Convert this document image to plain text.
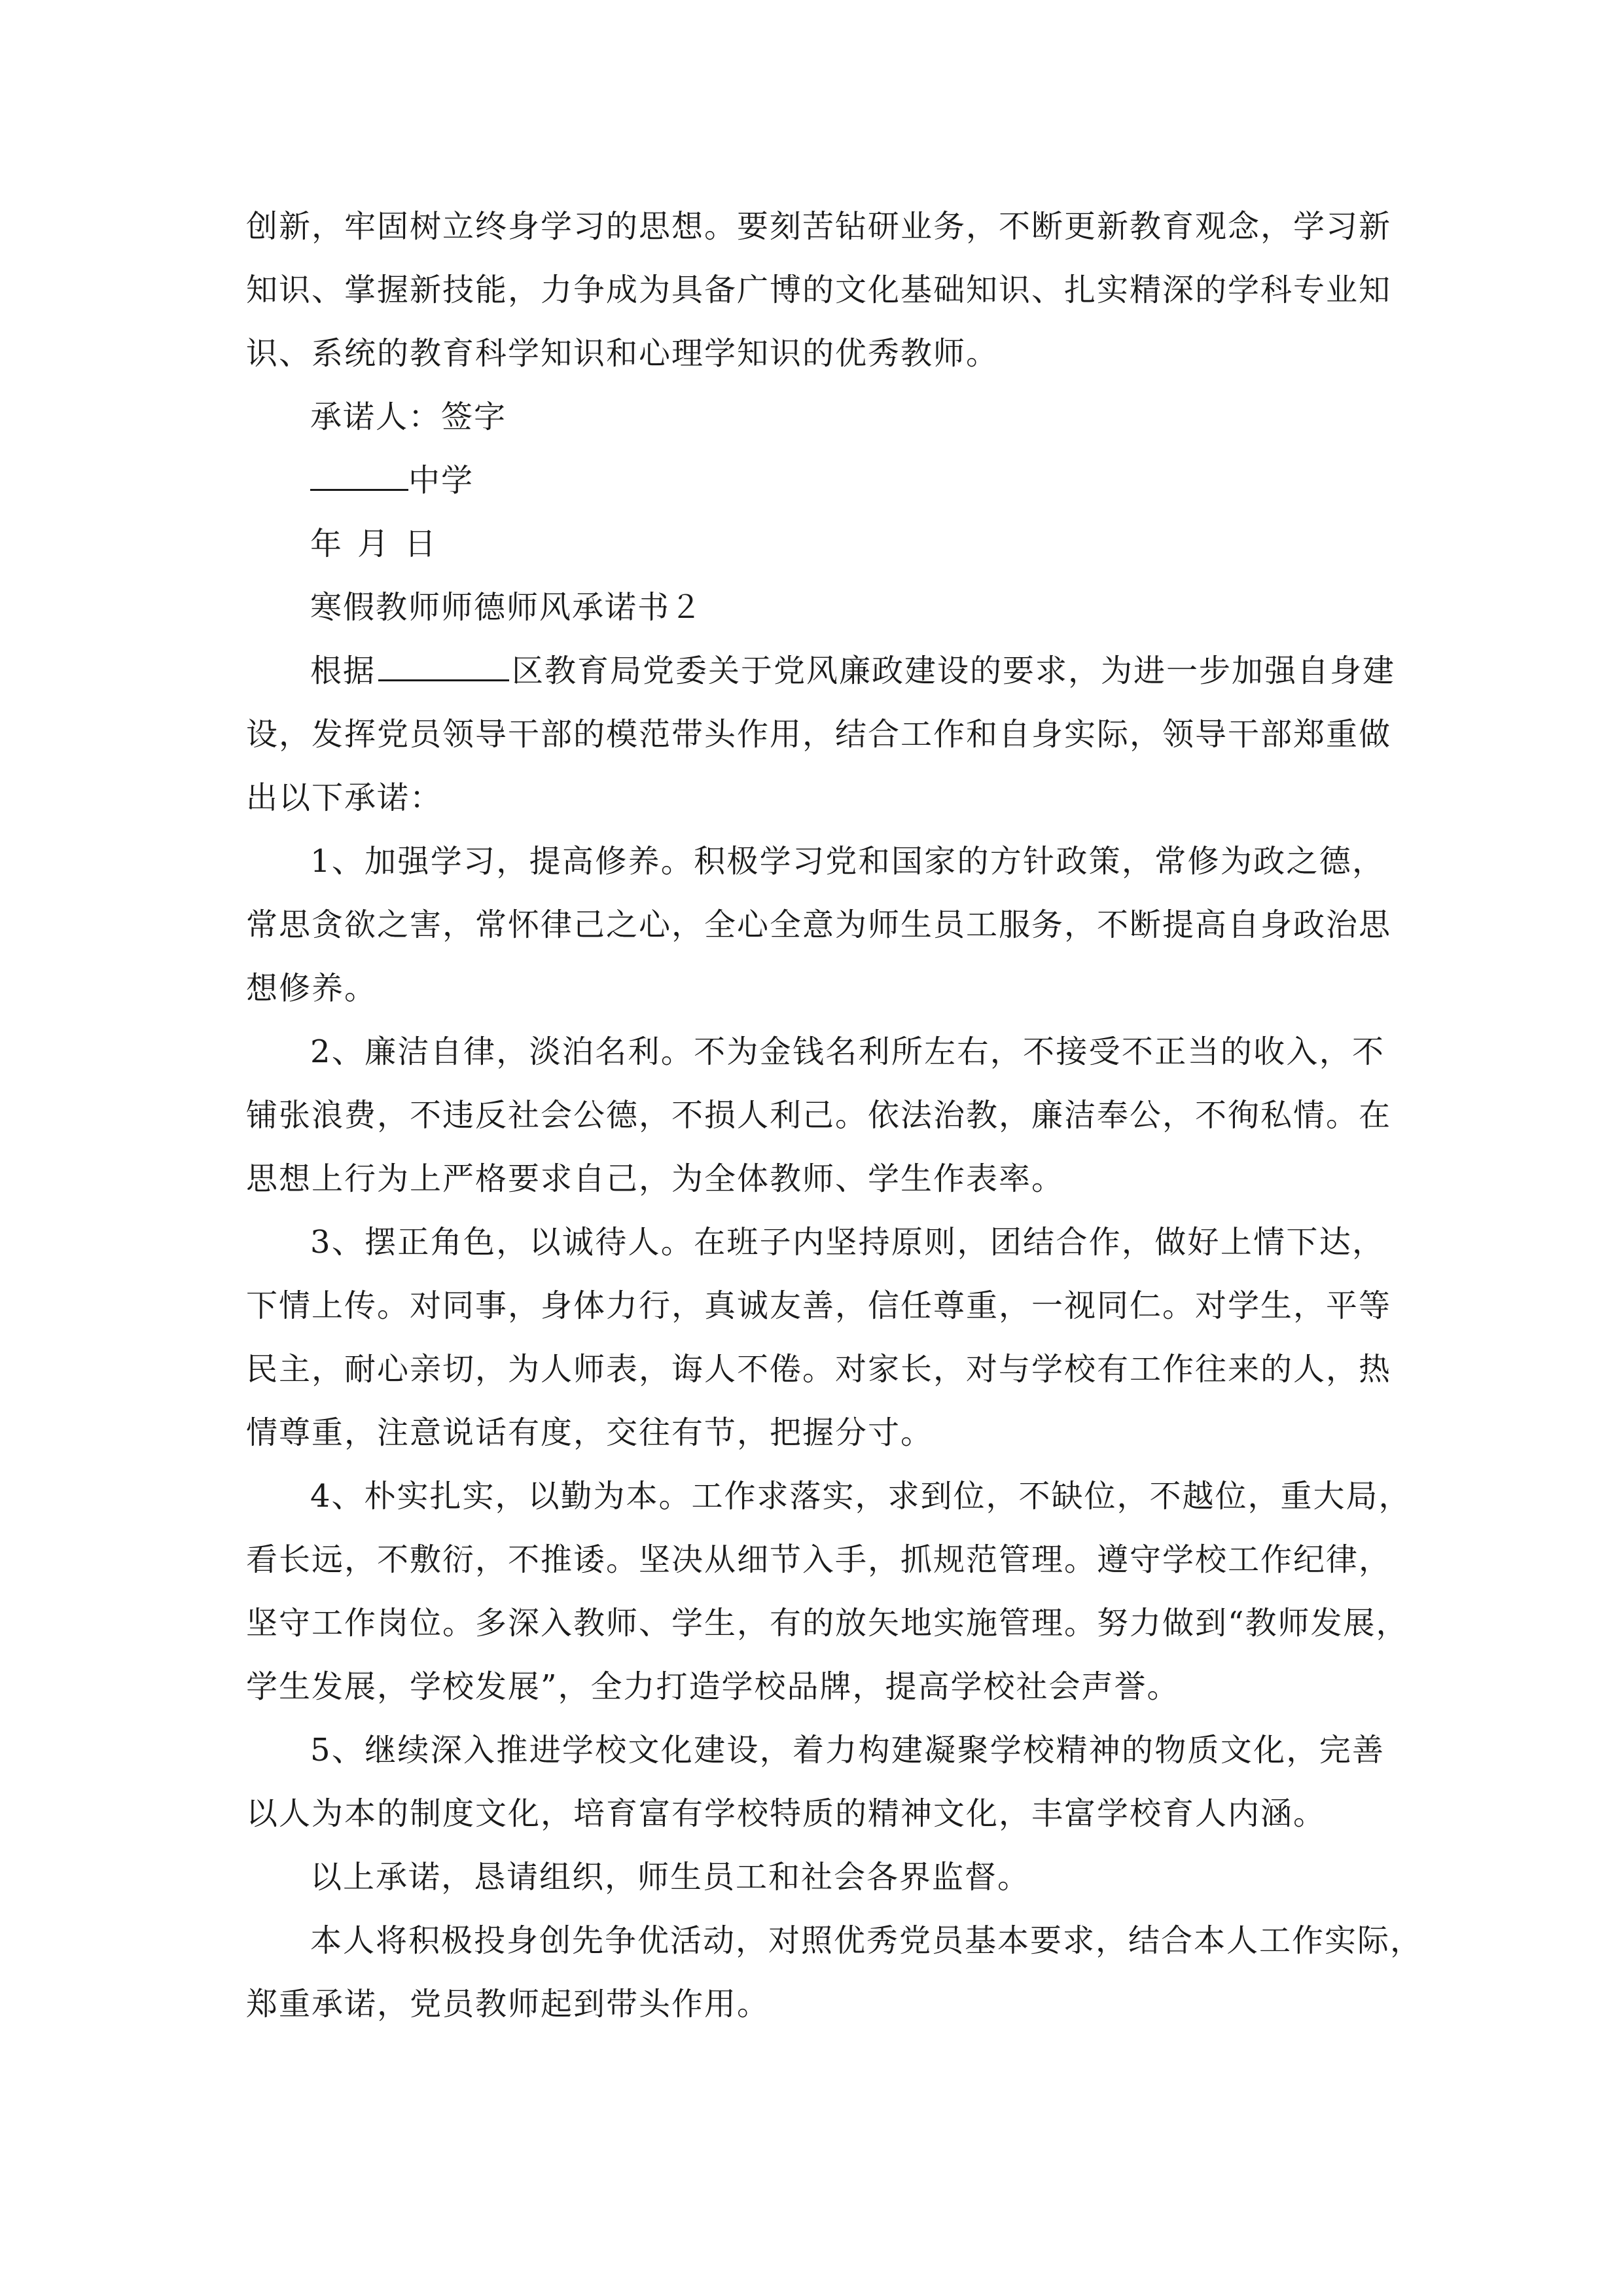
创新，牢固树立终身学习的思想。要刻苦钻研业务，不断更新教育观念，学习新
知识、掌握新技能，力争成为具备广博的文化基础知识、扎实精深的学科专业知
识、系统的教育科学知识和心理学知识的优秀教师。
承诺人：签字
中学
年 月 日
寒假教师师德师风承诺书２
根据	区教育局党委关于党风廉政建设的要求，为进一步加强自身建
设，发挥党员领导干部的模范带头作用，结合工作和自身实际，领导干部郑重做
出以下承诺：
1、加强学习，提高修养。积极学习党和国家的方针政策，常修为政之德，
常思贪欲之害，常怀律己之心，全心全意为师生员工服务，不断提高自身政治思
想修养。
2、廉洁自律，淡泊名利。不为金钱名利所左右，不接受不正当的收入，不
铺张浪费，不违反社会公德，不损人利己。依法治教，廉洁奉公，不徇私情。在
思想上行为上严格要求自己，为全体教师、学生作表率。
3、摆正角色，以诚待人。在班子内坚持原则，团结合作，做好上情下达，
下情上传。对同事，身体力行，真诚友善，信任尊重，一视同仁。对学生，平等
民主，耐心亲切，为人师表，诲人不倦。对家长，对与学校有工作往来的人，热
情尊重，注意说话有度，交往有节，把握分寸。
4、朴实扎实，以勤为本。工作求落实，求到位，不缺位，不越位，重大局，
看长远，不敷衍，不推诿。坚决从细节入手，抓规范管理。遵守学校工作纪律，
坚守工作岗位。多深入教师、学生，有的放矢地实施管理。努力做到“教师发展，
学生发展，学校发展”，全力打造学校品牌，提高学校社会声誉。
5、继续深入推进学校文化建设，着力构建凝聚学校精神的物质文化，完善
以人为本的制度文化，培育富有学校特质的精神文化，丰富学校育人内涵。
以上承诺，恳请组织，师生员工和社会各界监督。
本人将积极投身创先争优活动，对照优秀党员基本要求，结合本人工作实际，
郑重承诺，党员教师起到带头作用。
